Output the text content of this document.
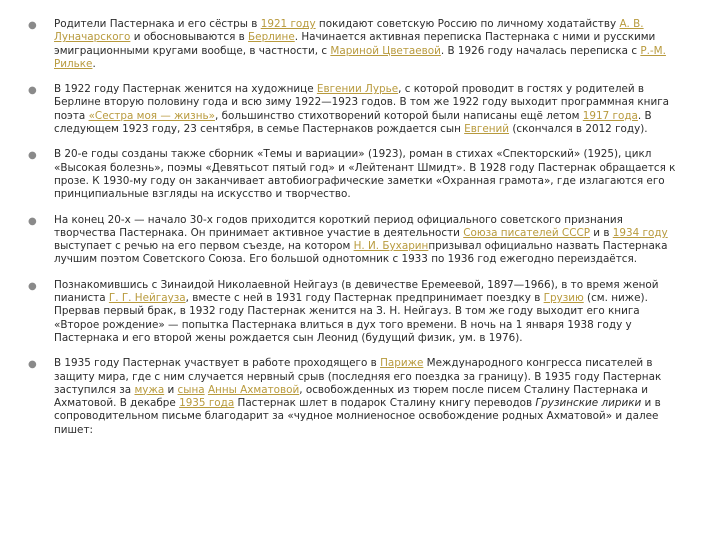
●	Родители Пастернака и его сёстры в 1921 году покидают советскую Россию по личному ходатайству А. В. Луначарского и обосновываются в Берлине. Начинается активная переписка Пастернака с ними и русскими эмиграционными кругами вообще, в частности, с Мариной Цветаевой. В 1926 году началась переписка с Р.-М. Рильке.
●	В 1922 году Пастернак женится на художнице Евгении Лурье, с которой проводит в гостях у родителей в Берлине вторую половину года и всю зиму 1922—1923 годов. В том же 1922 году выходит программная книга поэта «Сестра моя — жизнь», большинство стихотворений которой были написаны ещё летом 1917 года. В следующем 1923 году, 23 сентября, в семье Пастернаков рождается сын Евгений (скончался в 2012 году).
●	В 20-е годы созданы также сборник «Темы и вариации» (1923), роман в стихах «Спекторский» (1925), цикл «Высокая болезнь», поэмы «Девятьсот пятый год» и «Лейтенант Шмидт». В 1928 году Пастернак обращается к прозе. К 1930-му году он заканчивает автобиографические заметки «Охранная грамота», где излагаются его принципиальные взгляды на искусство и творчество.
●	На конец 20-х — начало 30-х годов приходится короткий период официального советского признания творчества Пастернака. Он принимает активное участие в деятельности Союза писателей СССР и в 1934 году выступает с речью на его первом съезде, на котором Н. И. Бухаринпризывал официально назвать Пастернака лучшим поэтом Советского Союза. Его большой однотомник с 1933 по 1936 год ежегодно переиздаётся.
●	Познакомившись с Зинаидой Николаевной Нейгауз (в девичестве Еремеевой, 1897—1966), в то время женой пианиста Г. Г. Нейгауза, вместе с ней в 1931 году Пастернак предпринимает поездку в Грузию (см. ниже). Прервав первый брак, в 1932 году Пастернак женится на З. Н. Нейгауз. В том же году выходит его книга «Второе рождение» — попытка Пастернака влиться в дух того времени. В ночь на 1 января 1938 году у Пастернака и его второй жены рождается сын Леонид (будущий физик, ум. в 1976).
●	В 1935 году Пастернак участвует в работе проходящего в Париже Международного конгресса писателей в защиту мира, где с ним случается нервный срыв (последняя его поездка за границу). В 1935 году Пастернак заступился за мужа и сына Анны Ахматовой, освобожденных из тюрем после писем Сталину Пастернака и Ахматовой. В декабре 1935 года Пастернак шлет в подарок Сталину книгу переводов Грузинские лирики и в сопроводительном письме благодарит за «чудное молниеносное освобождение родных Ахматовой» и далее пишет:
